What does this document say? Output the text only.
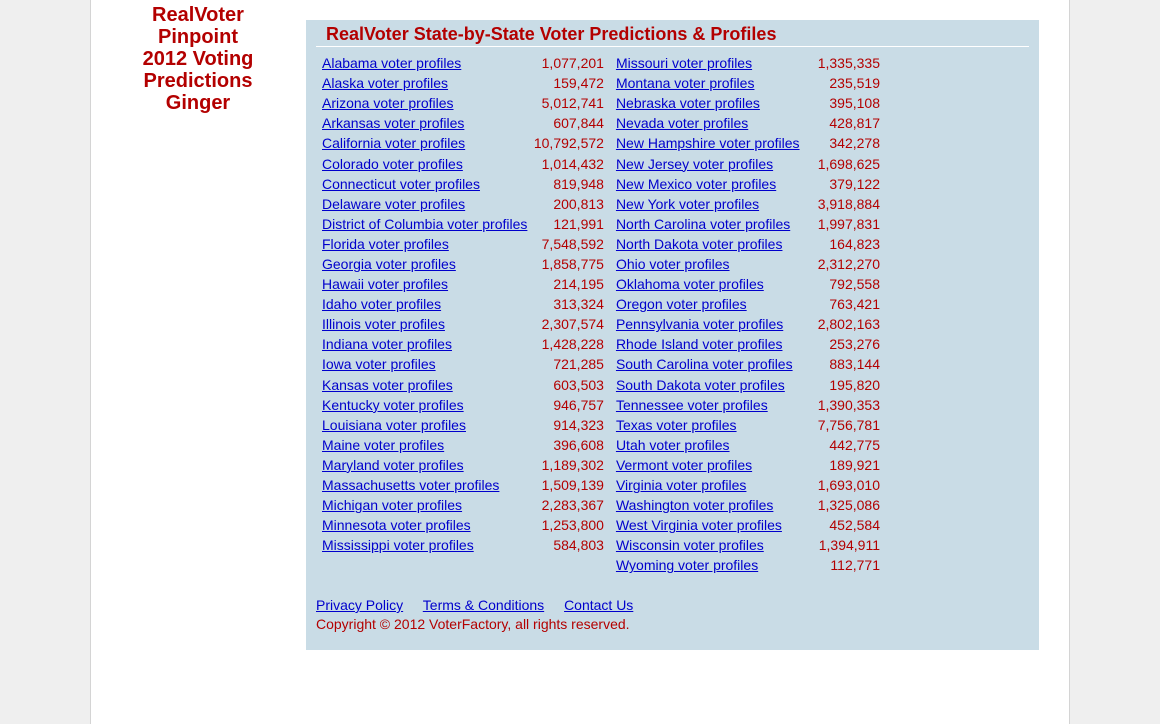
RealVoter
Pinpoint
2012 Voting
Predictions
Ginger
RealVoter State-by-State Voter Predictions & Profiles
Alabama voter profiles	1,077,201	Missouri voter profiles	1,335,335
Alaska voter profiles	159,472	Montana voter profiles	235,519
Arizona voter profiles	5,012,741	Nebraska voter profiles	395,108
Arkansas voter profiles	607,844	Nevada voter profiles	428,817
California voter profiles	10,792,572	New Hampshire voter profiles	342,278
Colorado voter profiles	1,014,432	New Jersey voter profiles	1,698,625
Connecticut voter profiles	819,948	New Mexico voter profiles	379,122
Delaware voter profiles	200,813	New York voter profiles	3,918,884
District of Columbia voter profiles	121,991	North Carolina voter profiles	1,997,831
Florida voter profiles	7,548,592	North Dakota voter profiles	164,823
Georgia voter profiles	1,858,775	Ohio voter profiles	2,312,270
Hawaii voter profiles	214,195	Oklahoma voter profiles	792,558
Idaho voter profiles	313,324	Oregon voter profiles	763,421
Illinois voter profiles	2,307,574	Pennsylvania voter profiles	2,802,163
Indiana voter profiles	1,428,228	Rhode Island voter profiles	253,276
Iowa voter profiles	721,285	South Carolina voter profiles	883,144
Kansas voter profiles	603,503	South Dakota voter profiles	195,820
Kentucky voter profiles	946,757	Tennessee voter profiles	1,390,353
Louisiana voter profiles	914,323	Texas voter profiles	7,756,781
Maine voter profiles	396,608	Utah voter profiles	442,775
Maryland voter profiles	1,189,302	Vermont voter profiles	189,921
Massachusetts voter profiles	1,509,139	Virginia voter profiles	1,693,010
Michigan voter profiles	2,283,367	Washington voter profiles	1,325,086
Minnesota voter profiles	1,253,800	West Virginia voter profiles	452,584
Mississippi voter profiles	584,803	Wisconsin voter profiles	1,394,911
		Wyoming voter profiles	112,771
Privacy Policy Terms & Conditions Contact Us
Copyright © 2012 VoterFactory, all rights reserved.
